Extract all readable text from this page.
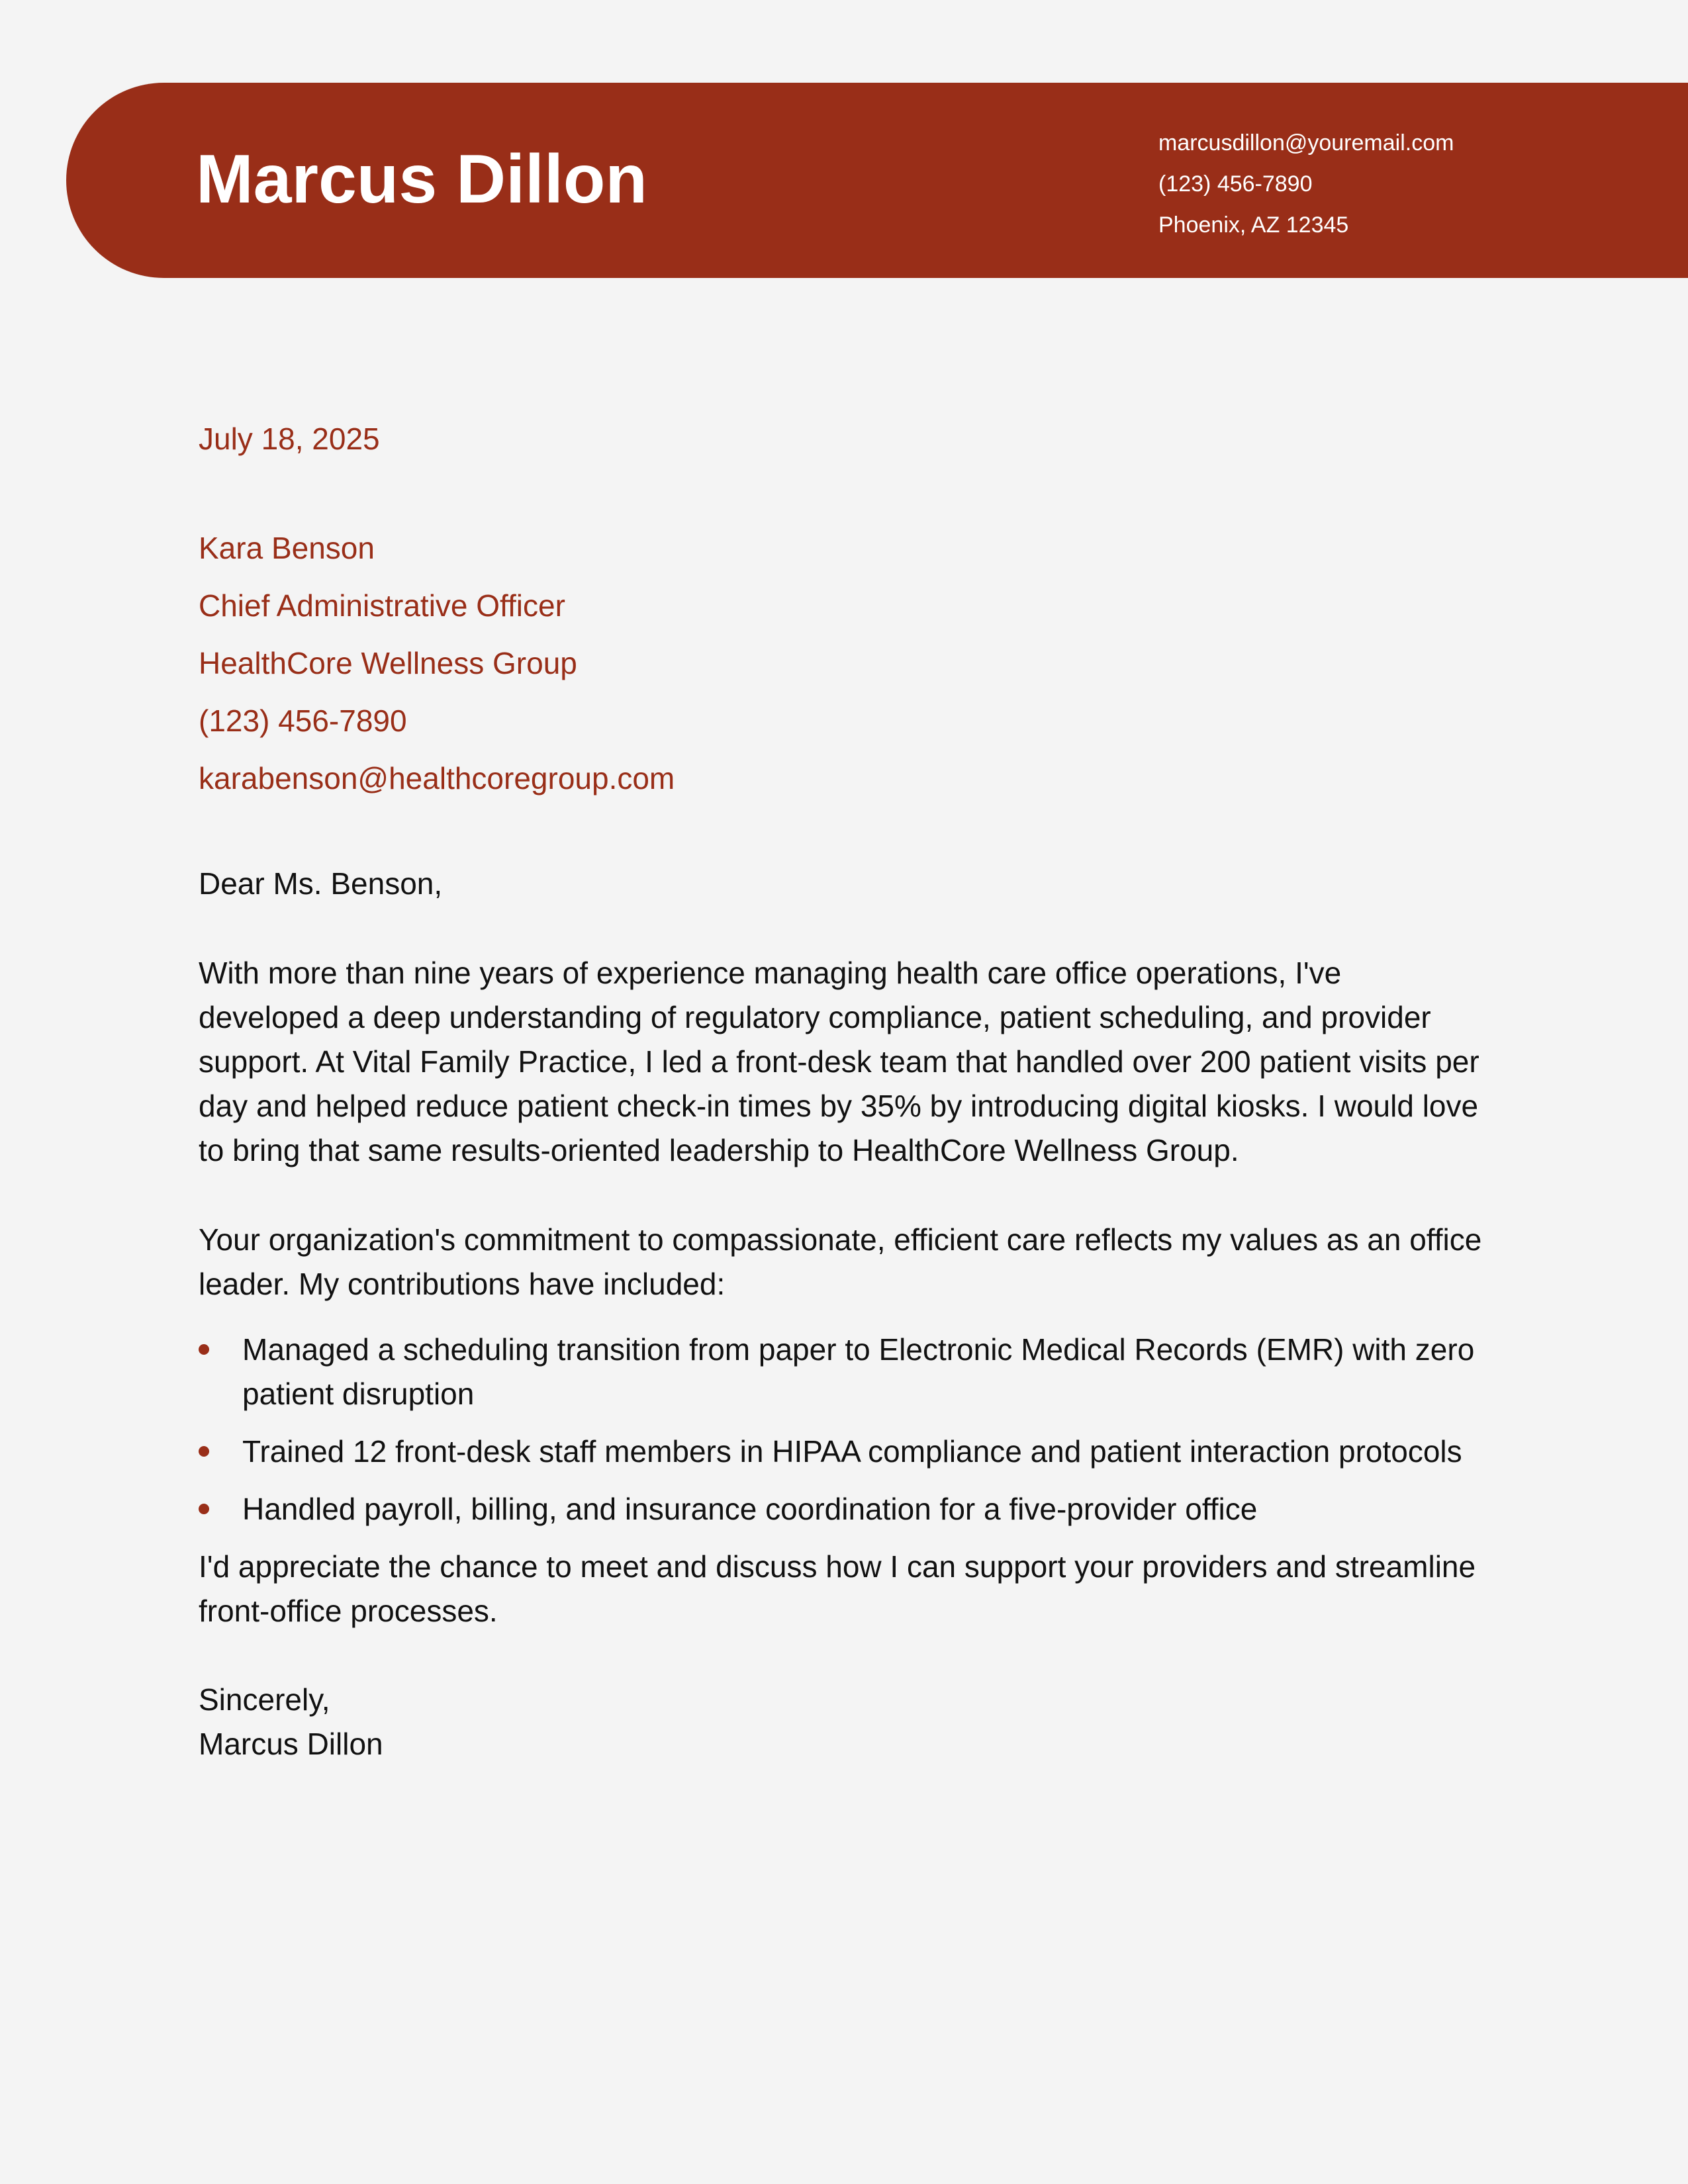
Marcus Dillon	marcusdillon@youremail.com
(123) 456-7890
Phoenix, AZ 12345
July 18, 2025
Kara Benson
Chief Administrative Officer
HealthCore Wellness Group
(123) 456-7890
karabenson@healthcoregroup.com
Dear Ms. Benson,

With more than nine years of experience managing health care office operations, I've developed a deep understanding of regulatory compliance, patient scheduling, and provider support. At Vital Family Practice, I led a front-desk team that handled over 200 patient visits per day and helped reduce patient check-in times by 35% by introducing digital kiosks. I would love to bring that same results-oriented leadership to HealthCore Wellness Group.

Your organization's commitment to compassionate, efficient care reflects my values as an office leader. My contributions have included:

Managed a scheduling transition from paper to Electronic Medical Records (EMR) with zero patient disruption
Trained 12 front-desk staff members in HIPAA compliance and patient interaction protocols
Handled payroll, billing, and insurance coordination for a five-provider office

I'd appreciate the chance to meet and discuss how I can support your providers and streamline front-office processes.

Sincerely,
Marcus Dillon
